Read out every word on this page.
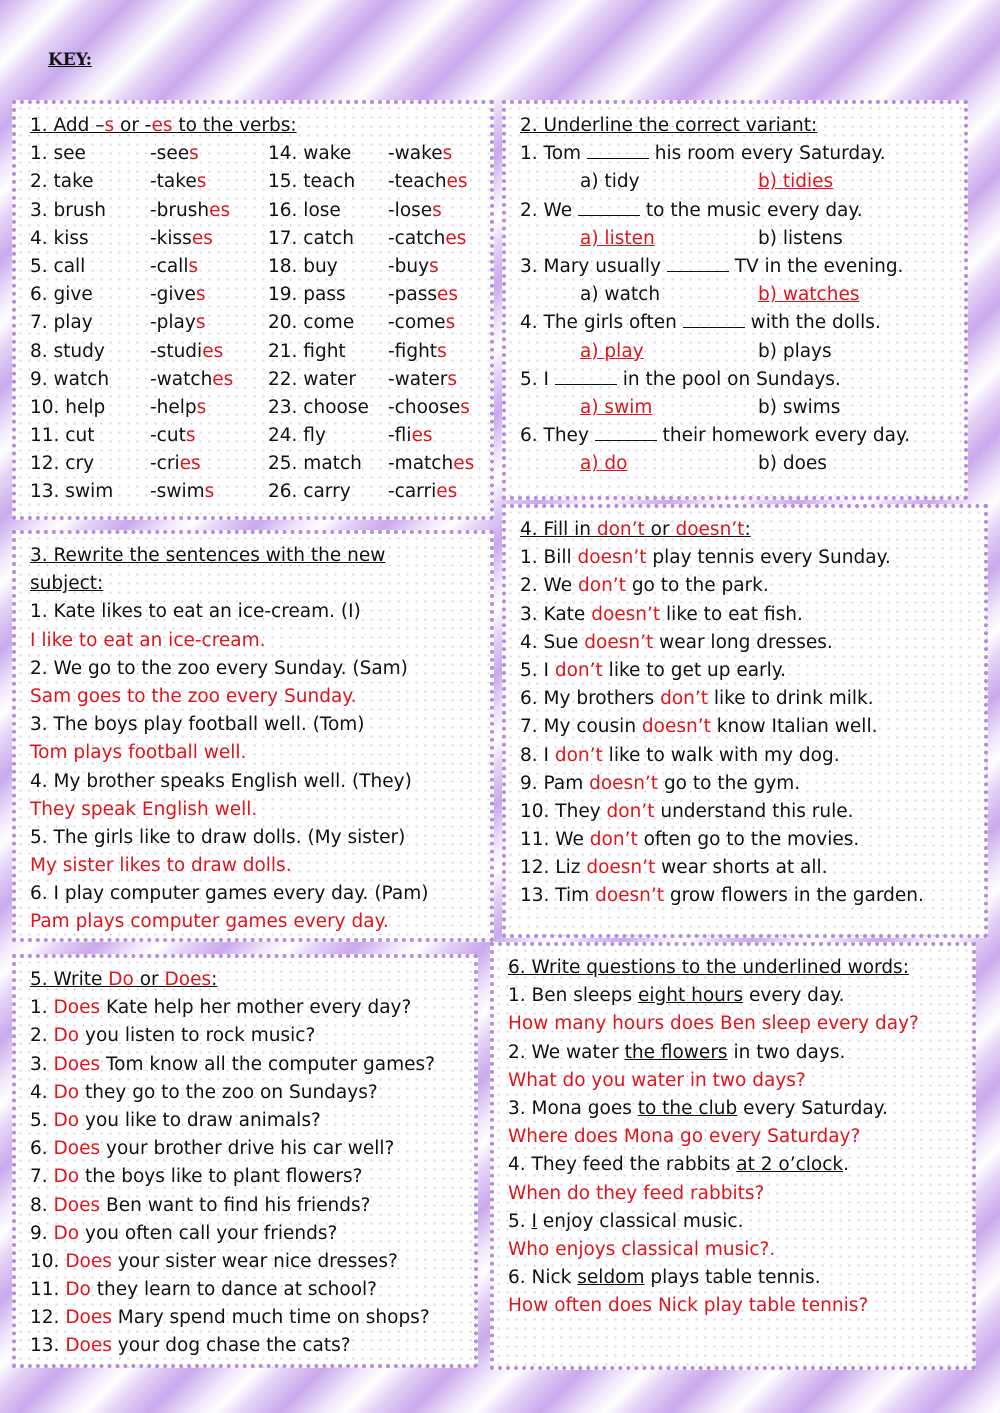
KEY:
1. Add –s or -es to the verbs:
1. see	-sees	14. wake -wakes
2. take	-takes	15. teach -teaches
3. brush -brushes 16. lose	-loses
4. kiss	-kisses	17. catch -catches
5. call	-calls	18. buy	-buys
6. give	-gives	19. pass -passes
7. play	-plays	20. come -comes
8. study -studies 21. fight -fights
9. watch -watches 22. water -waters
10. help -helps	23. choose -chooses
11. cut	-cuts	24. fly	-flies
12. cry	-cries	25. match -matches
13. swim -swims	26. carry -carries
2. Underline the correct variant:
1. Tom	his room every Saturday.
a) tidy	b) tidies
2. We	to the music every day.
a) listen	b) listens
3. Mary usually	TV in the evening.
a) watch	b) watches
4. The girls often	with the dolls.
a) play	b) plays
5. I	in the pool on Sundays.
a) swim	b) swims
6. They	their homework every day.
a) do	b) does
3. Rewrite the sentences with the new
subject:
1. Kate likes to eat an ice-cream. (I)
I like to eat an ice-cream.
2. We go to the zoo every Sunday. (Sam)
Sam goes to the zoo every Sunday.
3. The boys play football well. (Tom)
Tom plays football well.
4. My brother speaks English well. (They)
They speak English well.
5. The girls like to draw dolls. (My sister)
My sister likes to draw dolls.
6. I play computer games every day. (Pam)
Pam plays computer games every day.
4. Fill in don’t or doesn’t:
1. Bill doesn’t play tennis every Sunday.
2. We don’t go to the park.
3. Kate doesn’t like to eat fish.
4. Sue doesn’t wear long dresses.
5. I don’t like to get up early.
6. My brothers don’t like to drink milk.
7. My cousin doesn’t know Italian well.
8. I don’t like to walk with my dog.
9. Pam doesn’t go to the gym.
10. They don’t understand this rule.
11. We don’t often go to the movies.
12. Liz doesn’t wear shorts at all.
13. Tim doesn’t grow flowers in the garden.
5. Write Do or Does:
1. Does Kate help her mother every day?
2. Do you listen to rock music?
3. Does Tom know all the computer games?
4. Do they go to the zoo on Sundays?
5. Do you like to draw animals?
6. Does your brother drive his car well?
7. Do the boys like to plant flowers?
8. Does Ben want to find his friends?
9. Do you often call your friends?
10. Does your sister wear nice dresses?
11. Do they learn to dance at school?
12. Does Mary spend much time on shops?
13. Does your dog chase the cats?
6. Write questions to the underlined words:
1. Ben sleeps eight hours every day.
How many hours does Ben sleep every day?
2. We water the flowers in two days.
What do you water in two days?
3. Mona goes to the club every Saturday.
Where does Mona go every Saturday?
4. They feed the rabbits at 2 o’clock.
When do they feed rabbits?
5. I enjoy classical music.
Who enjoys classical music?.
6. Nick seldom plays table tennis.
How often does Nick play table tennis?
